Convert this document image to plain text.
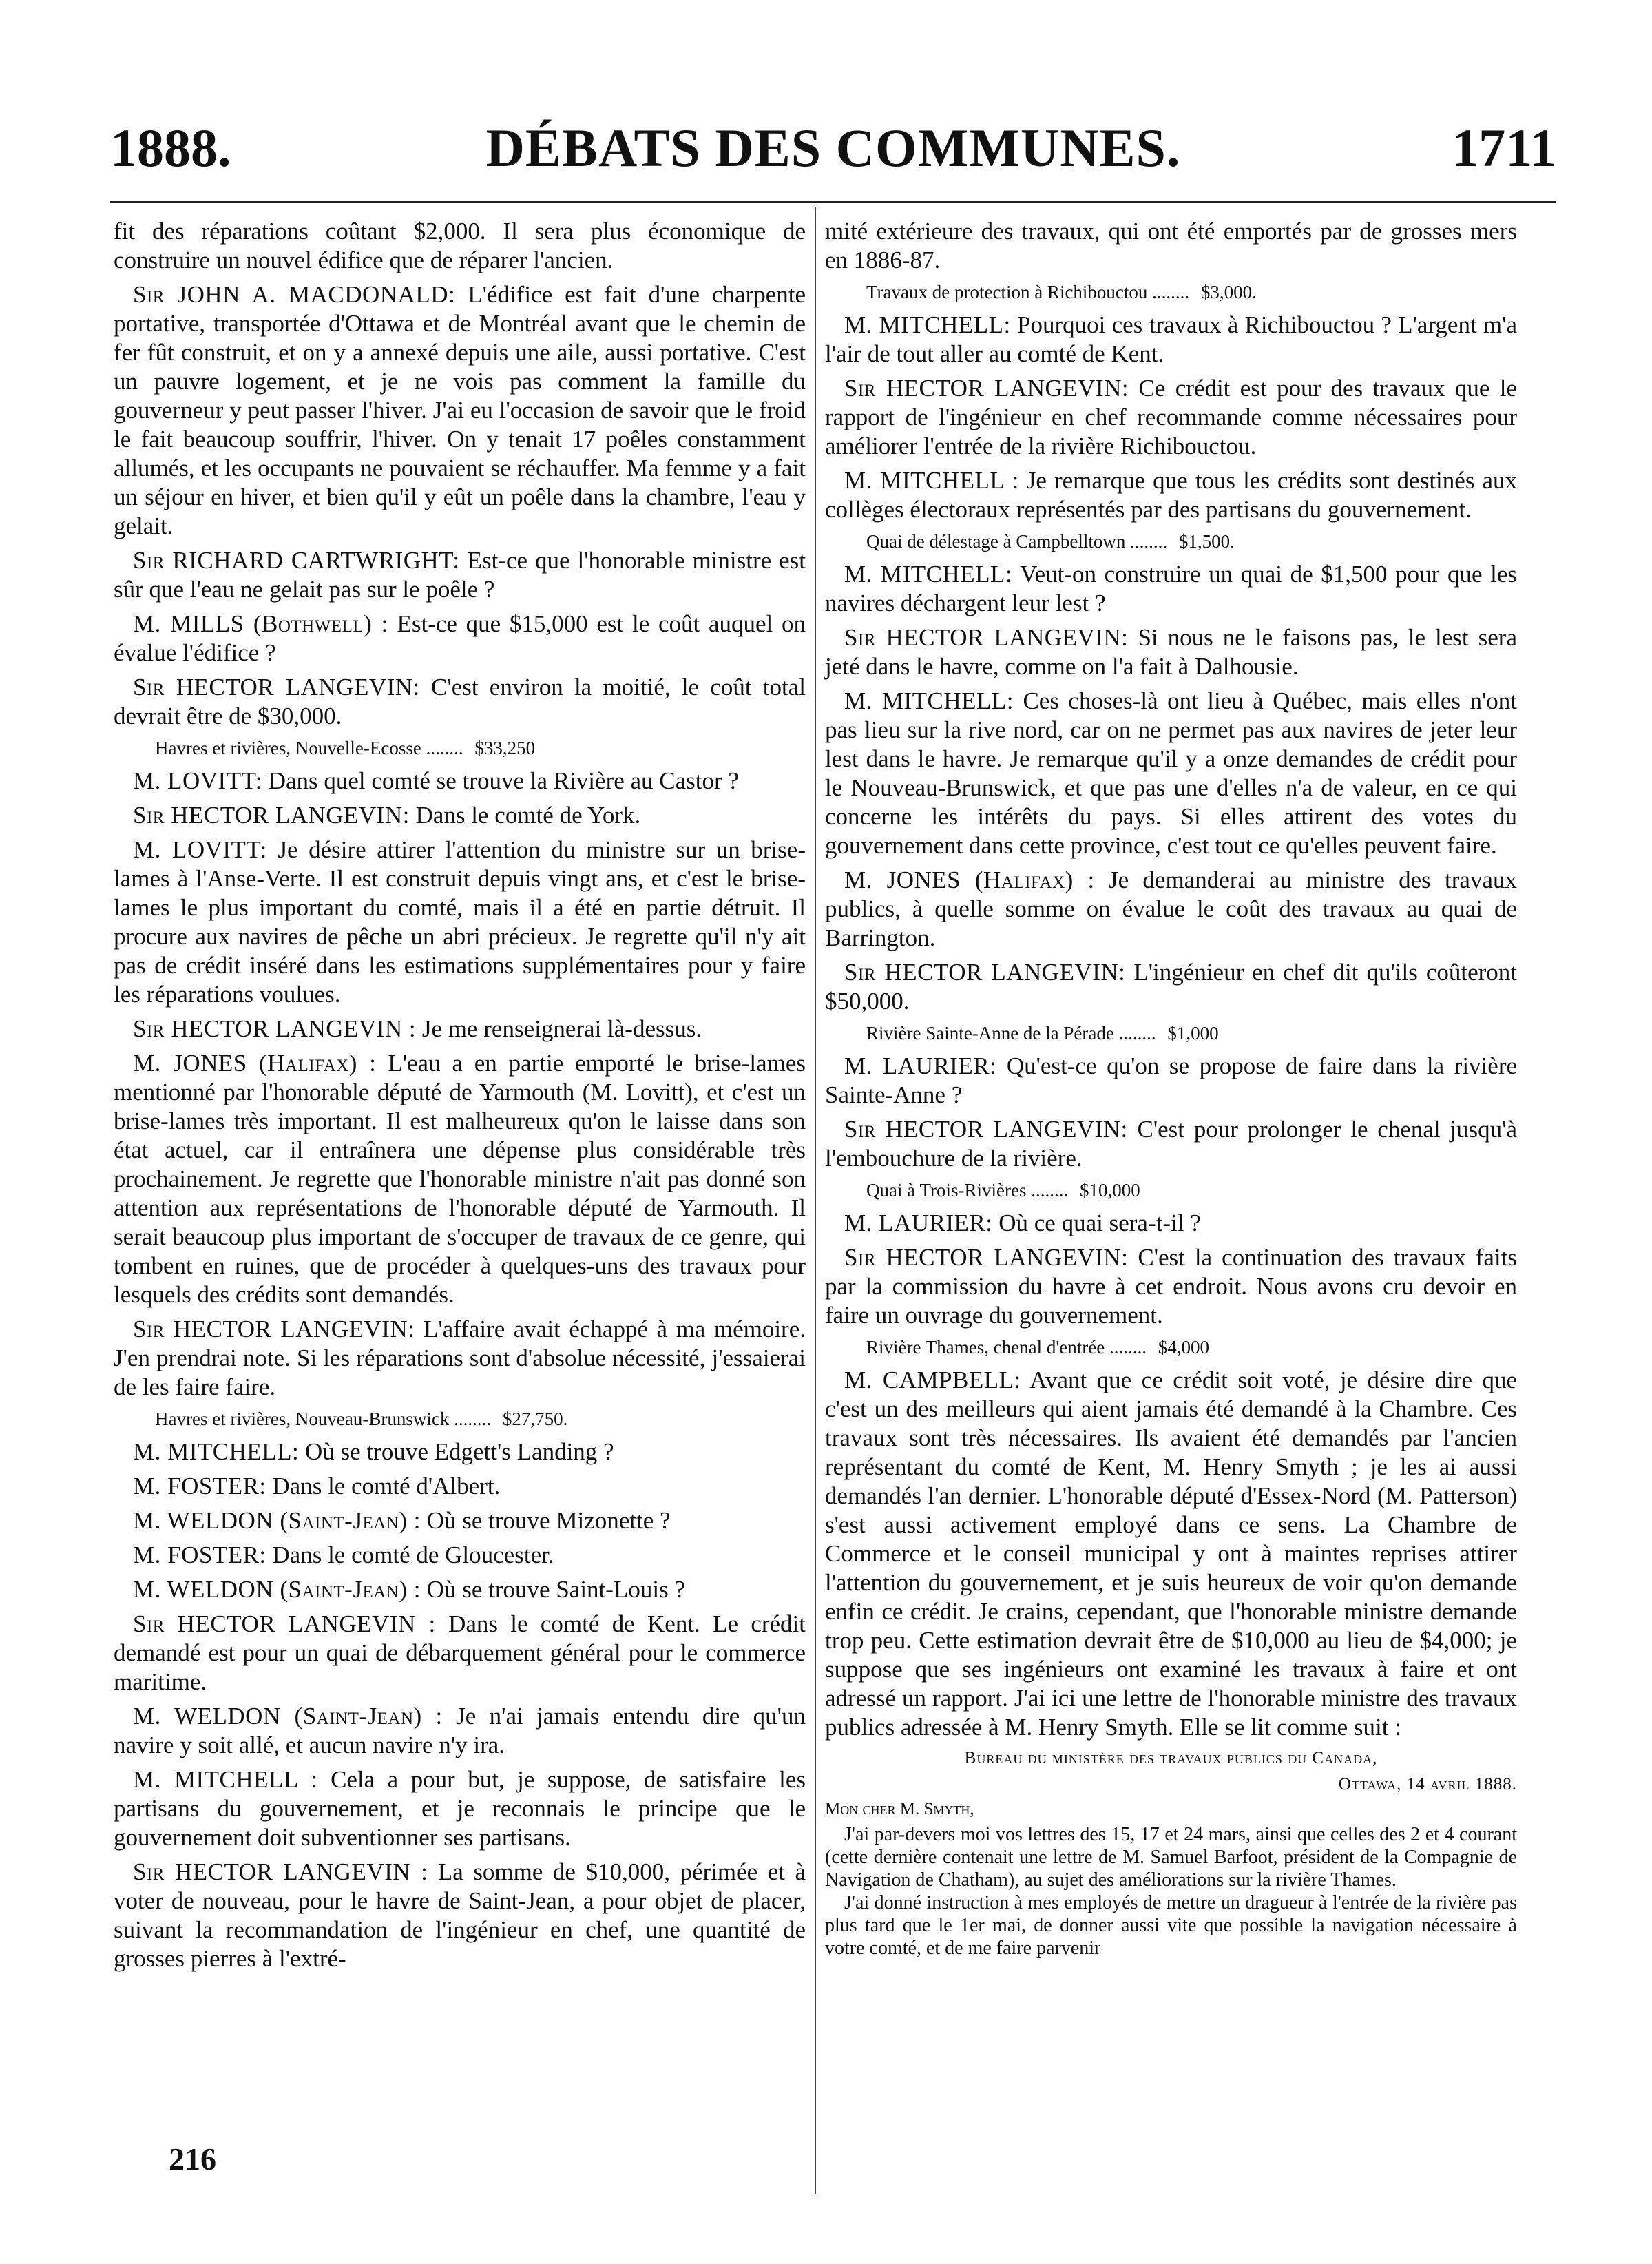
1888.	DÉBATS DES COMMUNES.	1711

fit des réparations coûtant $2,000. Il sera plus économique de construire un nouvel édifice que de réparer l'ancien.

Sir JOHN A. MACDONALD: L'édifice est fait d'une charpente portative, transportée d'Ottawa et de Montréal avant que le chemin de fer fût construit, et on y a annexé depuis une aile, aussi portative. C'est un pauvre logement, et je ne vois pas comment la famille du gouverneur y peut passer l'hiver. J'ai eu l'occasion de savoir que le froid le fait beaucoup souffrir, l'hiver. On y tenait 17 poêles constamment allumés, et les occupants ne pouvaient se réchauffer. Ma femme y a fait un séjour en hiver, et bien qu'il y eût un poêle dans la chambre, l'eau y gelait.

Sir RICHARD CARTWRIGHT: Est-ce que l'honorable ministre est sûr que l'eau ne gelait pas sur le poêle ?

M. MILLS (Bothwell) : Est-ce que $15,000 est le coût auquel on évalue l'édifice ?

Sir HECTOR LANGEVIN: C'est environ la moitié, le coût total devrait être de $30,000.

Havres et rivières, Nouvelle-Ecosse ........ $33,250

M. LOVITT: Dans quel comté se trouve la Rivière au Castor ?

Sir HECTOR LANGEVIN: Dans le comté de York.

M. LOVITT: Je désire attirer l'attention du ministre sur un brise-lames à l'Anse-Verte. Il est construit depuis vingt ans, et c'est le brise-lames le plus important du comté, mais il a été en partie détruit. Il procure aux navires de pêche un abri précieux. Je regrette qu'il n'y ait pas de crédit inséré dans les estimations supplémentaires pour y faire les réparations voulues.

Sir HECTOR LANGEVIN : Je me renseignerai là-dessus.

M. JONES (Halifax) : L'eau a en partie emporté le brise-lames mentionné par l'honorable député de Yarmouth (M. Lovitt), et c'est un brise-lames très important. Il est malheureux qu'on le laisse dans son état actuel, car il entraînera une dépense plus considérable très prochainement. Je regrette que l'honorable ministre n'ait pas donné son attention aux représentations de l'honorable député de Yarmouth. Il serait beaucoup plus important de s'occuper de travaux de ce genre, qui tombent en ruines, que de procéder à quelques-uns des travaux pour lesquels des crédits sont demandés.

Sir HECTOR LANGEVIN: L'affaire avait échappé à ma mémoire. J'en prendrai note. Si les réparations sont d'absolue nécessité, j'essaierai de les faire faire.

Havres et rivières, Nouveau-Brunswick ........ $27,750.

M. MITCHELL: Où se trouve Edgett's Landing ?

M. FOSTER: Dans le comté d'Albert.

M. WELDON (Saint-Jean) : Où se trouve Mizonette ?

M. FOSTER: Dans le comté de Gloucester.

M. WELDON (Saint-Jean) : Où se trouve Saint-Louis ?

Sir HECTOR LANGEVIN : Dans le comté de Kent. Le crédit demandé est pour un quai de débarquement général pour le commerce maritime.

M. WELDON (Saint-Jean) : Je n'ai jamais entendu dire qu'un navire y soit allé, et aucun navire n'y ira.

M. MITCHELL : Cela a pour but, je suppose, de satisfaire les partisans du gouvernement, et je reconnais le principe que le gouvernement doit subventionner ses partisans.

Sir HECTOR LANGEVIN : La somme de $10,000, périmée et à voter de nouveau, pour le havre de Saint-Jean, a pour objet de placer, suivant la recommandation de l'ingénieur en chef, une quantité de grosses pierres à l'extré-

mité extérieure des travaux, qui ont été emportés par de grosses mers en 1886-87.

Travaux de protection à Richibouctou ........ $3,000.

M. MITCHELL: Pourquoi ces travaux à Richibouctou ? L'argent m'a l'air de tout aller au comté de Kent.

Sir HECTOR LANGEVIN: Ce crédit est pour des travaux que le rapport de l'ingénieur en chef recommande comme nécessaires pour améliorer l'entrée de la rivière Richibouctou.

M. MITCHELL : Je remarque que tous les crédits sont destinés aux collèges électoraux représentés par des partisans du gouvernement.

Quai de délestage à Campbelltown ........ $1,500.

M. MITCHELL: Veut-on construire un quai de $1,500 pour que les navires déchargent leur lest ?

Sir HECTOR LANGEVIN: Si nous ne le faisons pas, le lest sera jeté dans le havre, comme on l'a fait à Dalhousie.

M. MITCHELL: Ces choses-là ont lieu à Québec, mais elles n'ont pas lieu sur la rive nord, car on ne permet pas aux navires de jeter leur lest dans le havre. Je remarque qu'il y a onze demandes de crédit pour le Nouveau-Brunswick, et que pas une d'elles n'a de valeur, en ce qui concerne les intérêts du pays. Si elles attirent des votes du gouvernement dans cette province, c'est tout ce qu'elles peuvent faire.

M. JONES (Halifax) : Je demanderai au ministre des travaux publics, à quelle somme on évalue le coût des travaux au quai de Barrington.

Sir HECTOR LANGEVIN: L'ingénieur en chef dit qu'ils coûteront $50,000.

Rivière Sainte-Anne de la Pérade ........ $1,000

M. LAURIER: Qu'est-ce qu'on se propose de faire dans la rivière Sainte-Anne ?

Sir HECTOR LANGEVIN: C'est pour prolonger le chenal jusqu'à l'embouchure de la rivière.

Quai à Trois-Rivières ........ $10,000

M. LAURIER: Où ce quai sera-t-il ?

Sir HECTOR LANGEVIN: C'est la continuation des travaux faits par la commission du havre à cet endroit. Nous avons cru devoir en faire un ouvrage du gouvernement.

Rivière Thames, chenal d'entrée ........ $4,000

M. CAMPBELL: Avant que ce crédit soit voté, je désire dire que c'est un des meilleurs qui aient jamais été demandé à la Chambre. Ces travaux sont très nécessaires. Ils avaient été demandés par l'ancien représentant du comté de Kent, M. Henry Smyth ; je les ai aussi demandés l'an dernier. L'honorable député d'Essex-Nord (M. Patterson) s'est aussi activement employé dans ce sens. La Chambre de Commerce et le conseil municipal y ont à maintes reprises attirer l'attention du gouvernement, et je suis heureux de voir qu'on demande enfin ce crédit. Je crains, cependant, que l'honorable ministre demande trop peu. Cette estimation devrait être de $10,000 au lieu de $4,000; je suppose que ses ingénieurs ont examiné les travaux à faire et ont adressé un rapport. J'ai ici une lettre de l'honorable ministre des travaux publics adressée à M. Henry Smyth. Elle se lit comme suit :

Bureau du ministère des travaux publics du Canada,

Ottawa, 14 avril 1888.

Mon cher M. Smyth,

J'ai par-devers moi vos lettres des 15, 17 et 24 mars, ainsi que celles des 2 et 4 courant (cette dernière contenait une lettre de M. Samuel Barfoot, président de la Compagnie de Navigation de Chatham), au sujet des améliorations sur la rivière Thames.

J'ai donné instruction à mes employés de mettre un dragueur à l'entrée de la rivière pas plus tard que le 1er mai, de donner aussi vite que possible la navigation nécessaire à votre comté, et de me faire parvenir

216
